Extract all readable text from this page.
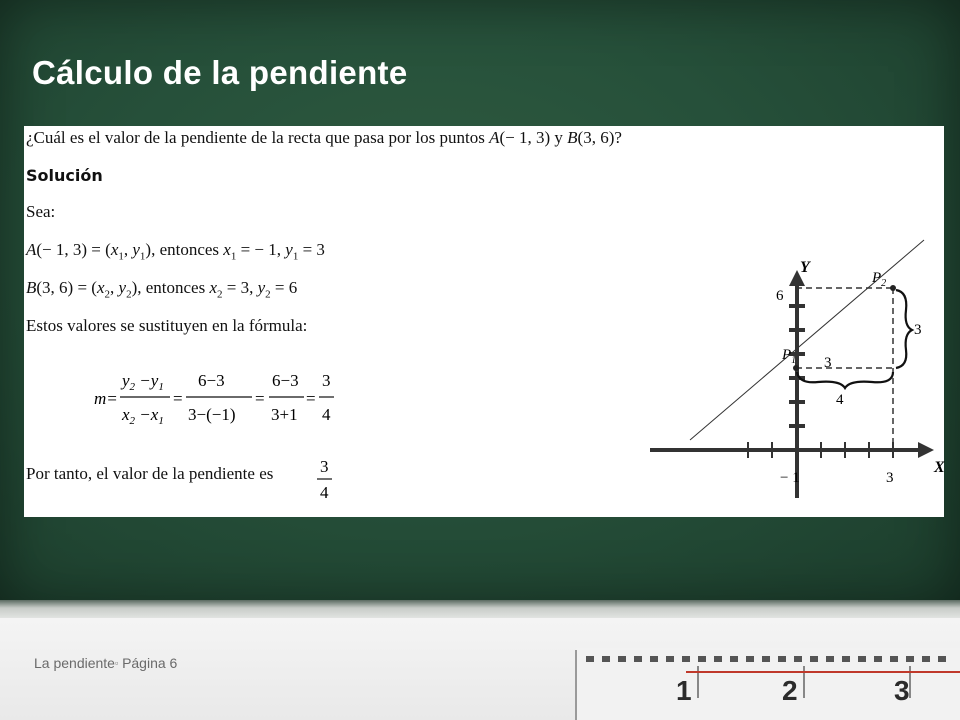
Cálculo de la pendiente
¿Cuál es el valor de la pendiente de la recta que pasa por los puntos A(− 1, 3) y B(3, 6)?
Solución
Sea:
A(− 1, $3) = (x_1$, $y_1$), entonces $x_1$ = − 1, $y_1 = 3$
B(3, $6) = (x_2$, $y_2$), entonces $x_2 = 3$, $y_2 = 6$
Estos valores se sustituyen en la fórmula:
m=
$y_2 -y_1$
$x_2 -x_1$
=
6−3
3−(−1)
=
6−3
3+1
=
3
4
Por tanto, el valor de la pendiente es	3
4
Y
X
6
− 1	3
$P_1$
$P_2$
3
4
3
La pendiente▫ Página 6
1	2	3
